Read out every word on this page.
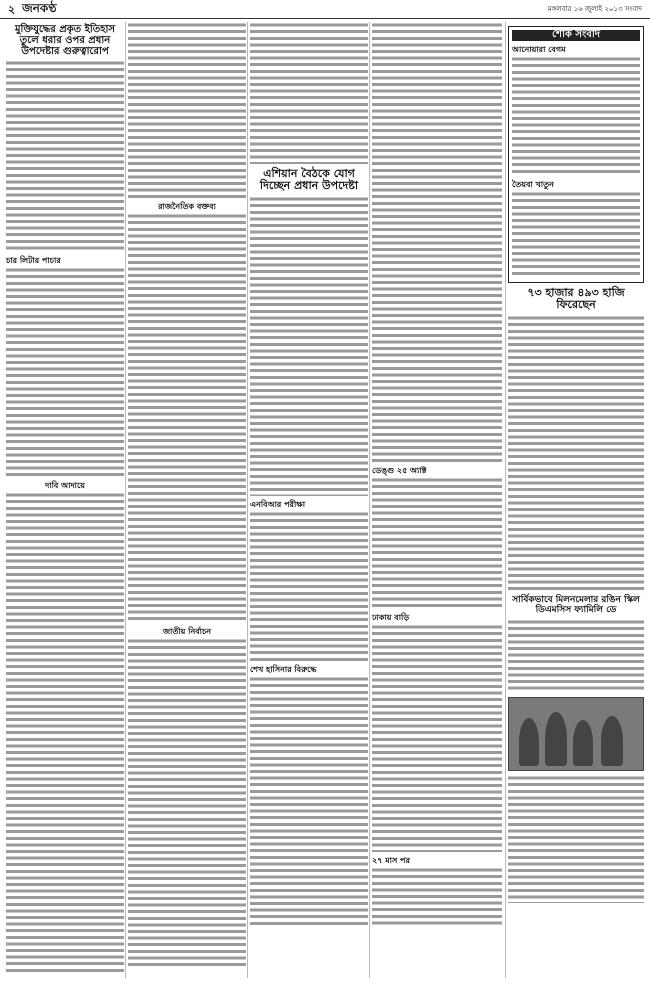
২ জনকণ্ঠ	মঙ্গলবার ১৬ জুলাই ২০১৩ সংবাদ
মুক্তিযুদ্ধের প্রকৃত ইতিহাস তুলে ধরার ওপর প্রধান উপদেষ্টার গুরুত্বারোপ
চার লিটার পাচার
দাবি আদায়ে
রাজনৈতিক বক্তব্য
জাতীয় নির্বাচন
এশিয়ান বৈঠকে যোগ দিচ্ছেন প্রধান উপদেষ্টা
এনবিআর পরীক্ষা
শেখ হাসিনার বিরুদ্ধে
ডেঙ্গু ২৫ অ্যাক্ট
ঢাকায় বাড়ি
২৭ মাস পর
শোক সংবাদ
আনোয়ারা বেগম
তৈয়বা খাতুন
৭৩ হাজার ৪৯৩ হাজি ফিরেছেন
সার্বিকভাবে মিলনমেলার রঙিন স্কিল ডিএমসিস ফ্যামিলি ডে
